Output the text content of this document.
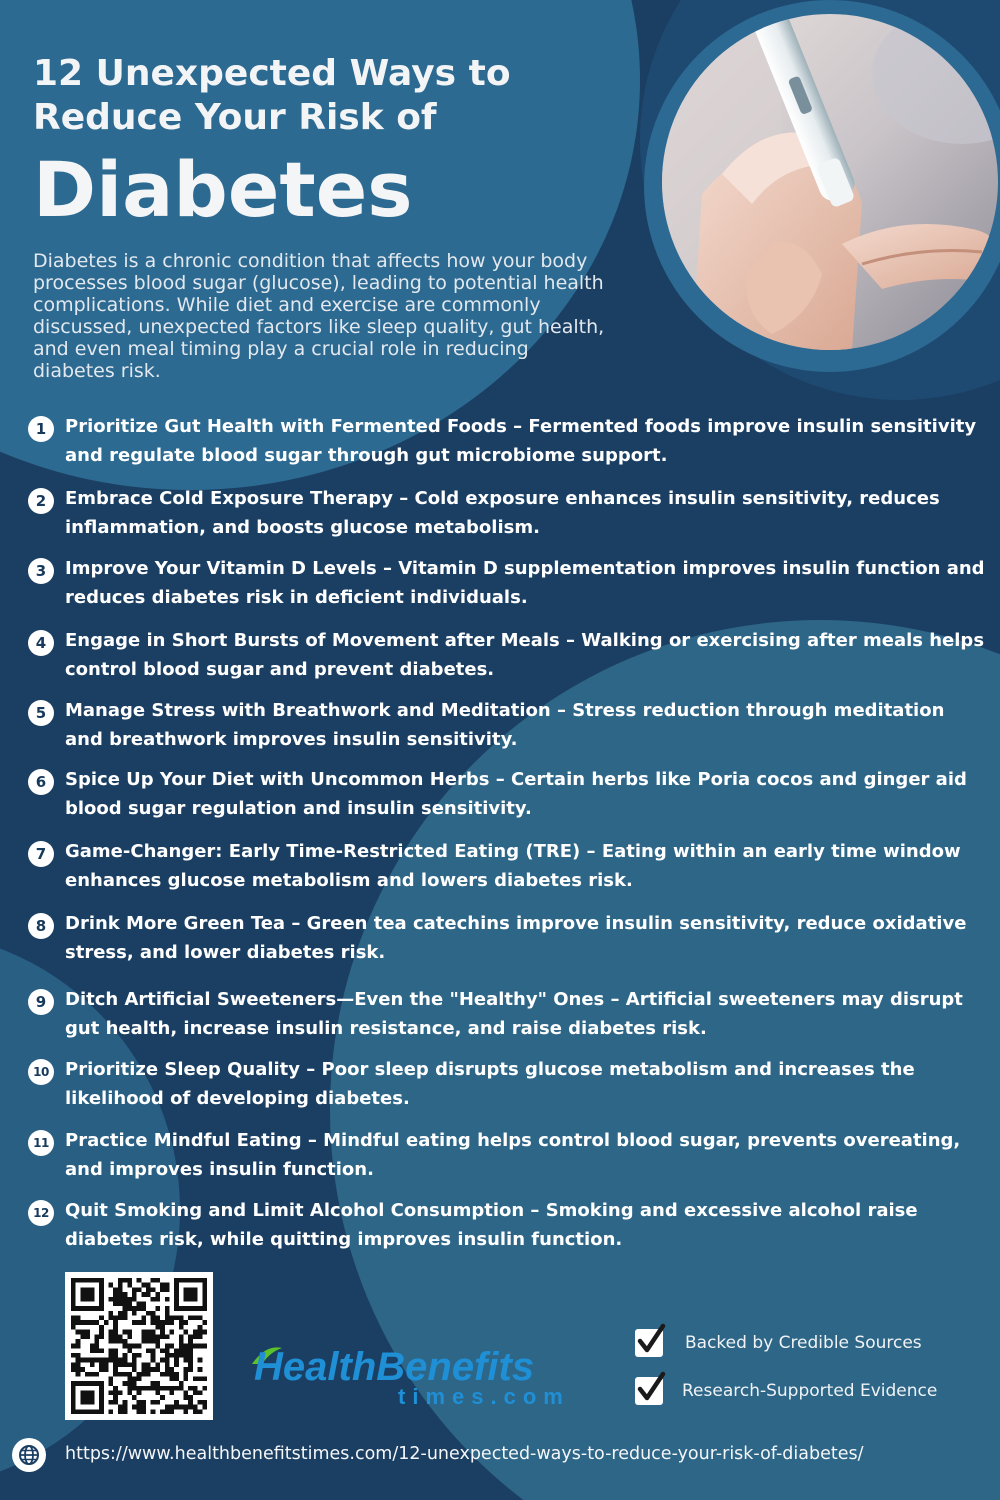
12 Unexpected Ways to
Reduce Your Risk of
Diabetes

Diabetes is a chronic condition that affects how your body processes blood sugar (glucose), leading to potential health complications. While diet and exercise are commonly discussed, unexpected factors like sleep quality, gut health, and even meal timing play a crucial role in reducing diabetes risk.

1	Prioritize Gut Health with Fermented Foods – Fermented foods improve insulin sensitivity and regulate blood sugar through gut microbiome support.
2	Embrace Cold Exposure Therapy – Cold exposure enhances insulin sensitivity, reduces inflammation, and boosts glucose metabolism.
3	Improve Your Vitamin D Levels – Vitamin D supplementation improves insulin function and reduces diabetes risk in deficient individuals.
4	Engage in Short Bursts of Movement after Meals – Walking or exercising after meals helps control blood sugar and prevent diabetes.
5	Manage Stress with Breathwork and Meditation – Stress reduction through meditation and breathwork improves insulin sensitivity.
6	Spice Up Your Diet with Uncommon Herbs – Certain herbs like Poria cocos and ginger aid blood sugar regulation and insulin sensitivity.
7	Game-Changer: Early Time-Restricted Eating (TRE) – Eating within an early time window enhances glucose metabolism and lowers diabetes risk.
8	Drink More Green Tea – Green tea catechins improve insulin sensitivity, reduce oxidative stress, and lower diabetes risk.
9	Ditch Artificial Sweeteners—Even the "Healthy" Ones – Artificial sweeteners may disrupt gut health, increase insulin resistance, and raise diabetes risk.
10 Prioritize Sleep Quality – Poor sleep disrupts glucose metabolism and increases the likelihood of developing diabetes.
11 Practice Mindful Eating – Mindful eating helps control blood sugar, prevents overeating, and improves insulin function.
12 Quit Smoking and Limit Alcohol Consumption – Smoking and excessive alcohol raise diabetes risk, while quitting improves insulin function.
HealthBenefits
times.com
Backed by Credible Sources
Research-Supported Evidence
https://www.healthbenefitstimes.com/12-unexpected-ways-to-reduce-your-risk-of-diabetes/
